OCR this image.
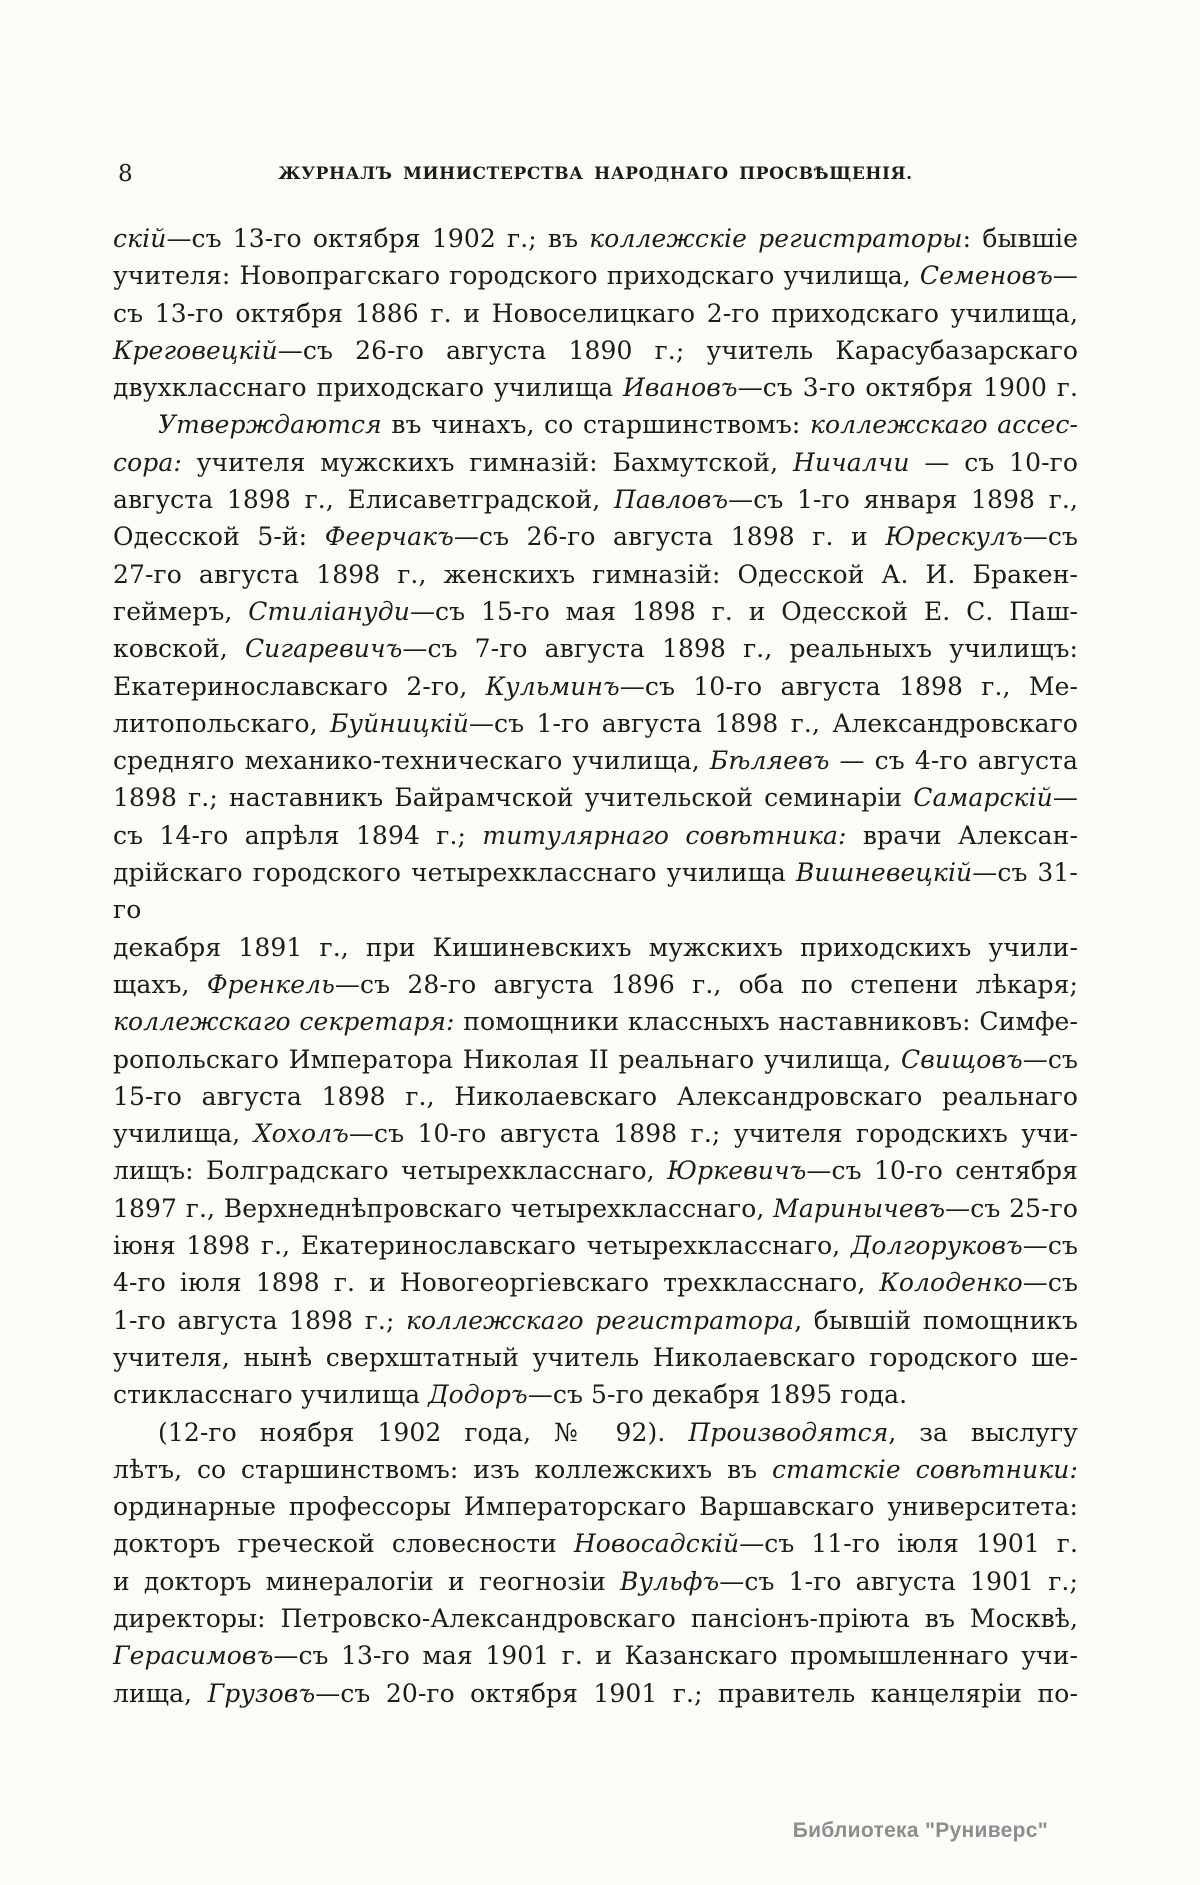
8	ЖУРНАЛЪ МИНИСТЕРСТВА НАРОДНАГО ПРОСВѢЩЕНІЯ.
скій—съ 13-го октября 1902 г.; въ коллежскіе регистраторы: бывшіе
учителя: Новопрагскаго городского приходскаго училища, Семеновъ—
съ 13-го октября 1886 г. и Новоселицкаго 2-го приходскаго училища,
Креговецкій—съ 26-го августа 1890 г.; учитель Карасубазарскаго
двухкласснаго приходскаго училища Ивановъ—съ 3-го октября 1900 г.
Утверждаются въ чинахъ, со старшинствомъ: коллежскаго ассес-
сора: учителя мужскихъ гимназій: Бахмутской, Ничалчи — съ 10-го
августа 1898 г., Елисаветградской, Павловъ—съ 1-го января 1898 г.,
Одесской 5-й: Феерчакъ—съ 26-го августа 1898 г. и Юрескулъ—съ
27-го августа 1898 г., женскихъ гимназій: Одесской А. И. Бракен-
геймеръ, Стиліануди—съ 15-го мая 1898 г. и Одесской Е. С. Паш-
ковской, Сигаревичъ—съ 7-го августа 1898 г., реальныхъ училищъ:
Екатеринославскаго 2-го, Кульминъ—съ 10-го августа 1898 г., Ме-
литопольскаго, Буйницкій—съ 1-го августа 1898 г., Александровскаго
средняго механико-техническаго училища, Бѣляевъ — съ 4-го августа
1898 г.; наставникъ Байрамчской учительской семинаріи Самарскій—
съ 14-го апрѣля 1894 г.; титулярнаго совѣтника: врачи Алексан-
дрійскаго городского четырехкласснаго училища Вишневецкій—съ 31-го
декабря 1891 г., при Кишиневскихъ мужскихъ приходскихъ учили-
щахъ, Френкель—съ 28-го августа 1896 г., оба по степени лѣкаря;
коллежскаго секретаря: помощники классныхъ наставниковъ: Симфе-
ропольскаго Императора Николая II реальнаго училища, Свищовъ—съ
15-го августа 1898 г., Николаевскаго Александровскаго реальнаго
училища, Хохолъ—съ 10-го августа 1898 г.; учителя городскихъ учи-
лищъ: Болградскаго четырехкласснаго, Юркевичъ—съ 10-го сентября
1897 г., Верхнеднѣпровскаго четырехкласснаго, Маринычевъ—съ 25-го
іюня 1898 г., Екатеринославскаго четырехкласснаго, Долгоруковъ—съ
4-го іюля 1898 г. и Новогеоргіевскаго трехкласснаго, Колоденко—съ
1-го августа 1898 г.; коллежскаго регистратора, бывшій помощникъ
учителя, нынѣ сверхштатный учитель Николаевскаго городского ше-
стикласснаго училища Додоръ—съ 5-го декабря 1895 года.
(12-го ноября 1902 года, № 92). Производятся, за выслугу
лѣтъ, со старшинствомъ: изъ коллежскихъ въ статскіе совѣтники:
ординарные профессоры Императорскаго Варшавскаго университета:
докторъ греческой словесности Новосадскій—съ 11-го іюля 1901 г.
и докторъ минералогіи и геогнозіи Вульфъ—съ 1-го августа 1901 г.;
директоры: Петровско-Александровскаго пансіонъ-пріюта въ Москвѣ,
Герасимовъ—съ 13-го мая 1901 г. и Казанскаго промышленнаго учи-
лища, Грузовъ—съ 20-го октября 1901 г.; правитель канцеляріи по-
Библиотека "Руниверс"
